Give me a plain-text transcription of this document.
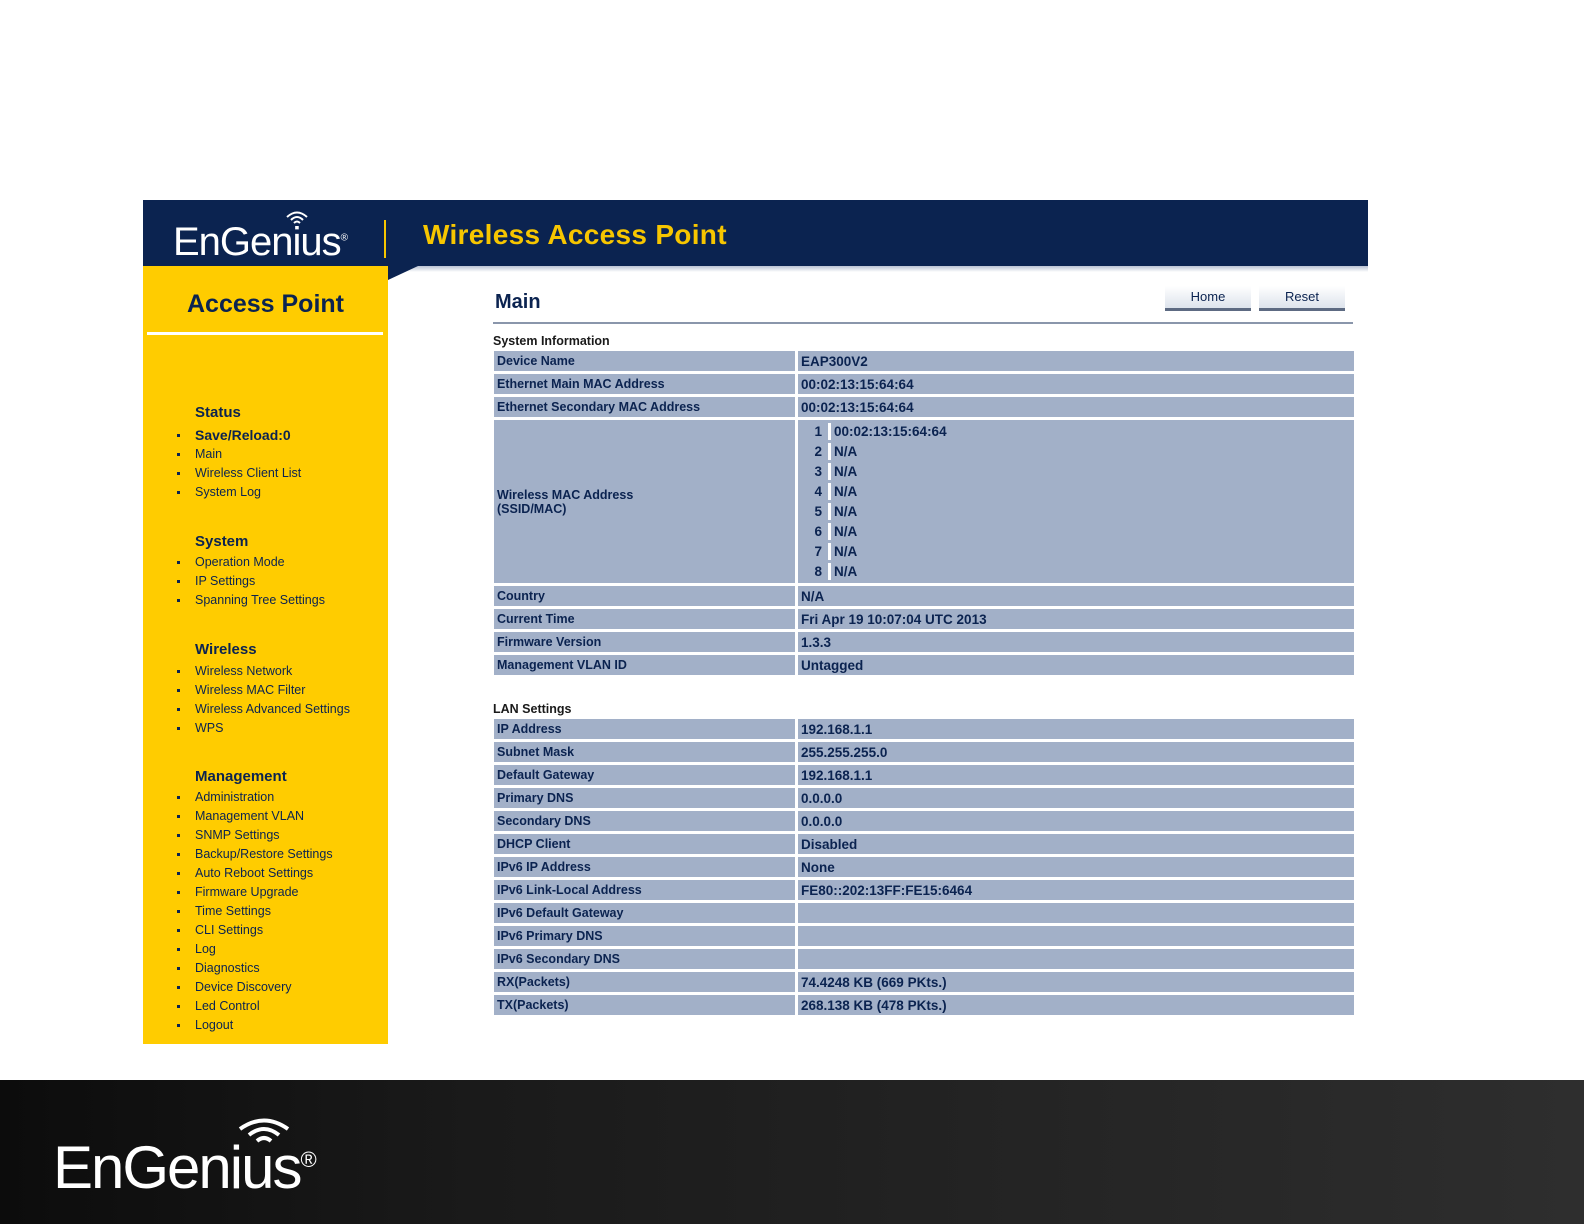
EnGenius®	Wireless Access Point
Access Point
Status
Save/Reload:0
Main
Wireless Client List
System Log
System
Operation Mode
IP Settings
Spanning Tree Settings
Wireless
Wireless Network
Wireless MAC Filter
Wireless Advanced Settings
WPS
Management
Administration
Management VLAN
SNMP Settings
Backup/Restore Settings
Auto Reboot Settings
Firmware Upgrade
Time Settings
CLI Settings
Log
Diagnostics
Device Discovery
Led Control
Logout
Main	Home	Reset
System Information
Device Name	EAP300V2
Ethernet Main MAC Address	00:02:13:15:64:64
Ethernet Secondary MAC Address	00:02:13:15:64:64

Wireless MAC Address
(SSID/MAC)

1	00:02:13:15:64:64
2	N/A
3	N/A
4	N/A
5	N/A
6	N/A
7	N/A
8	N/A

Country	N/A
Current Time	Fri Apr 19 10:07:04 UTC 2013
Firmware Version	1.3.3
Management VLAN ID	Untagged
LAN Settings
IP Address	192.168.1.1
Subnet Mask	255.255.255.0
Default Gateway	192.168.1.1
Primary DNS	0.0.0.0
Secondary DNS	0.0.0.0
DHCP Client	Disabled
IPv6 IP Address	None
IPv6 Link-Local Address	FE80::202:13FF:FE15:6464
IPv6 Default Gateway	
IPv6 Primary DNS	
IPv6 Secondary DNS	
RX(Packets)	74.4248 KB (669 PKts.)
TX(Packets)	268.138 KB (478 PKts.)
EnGenius®
